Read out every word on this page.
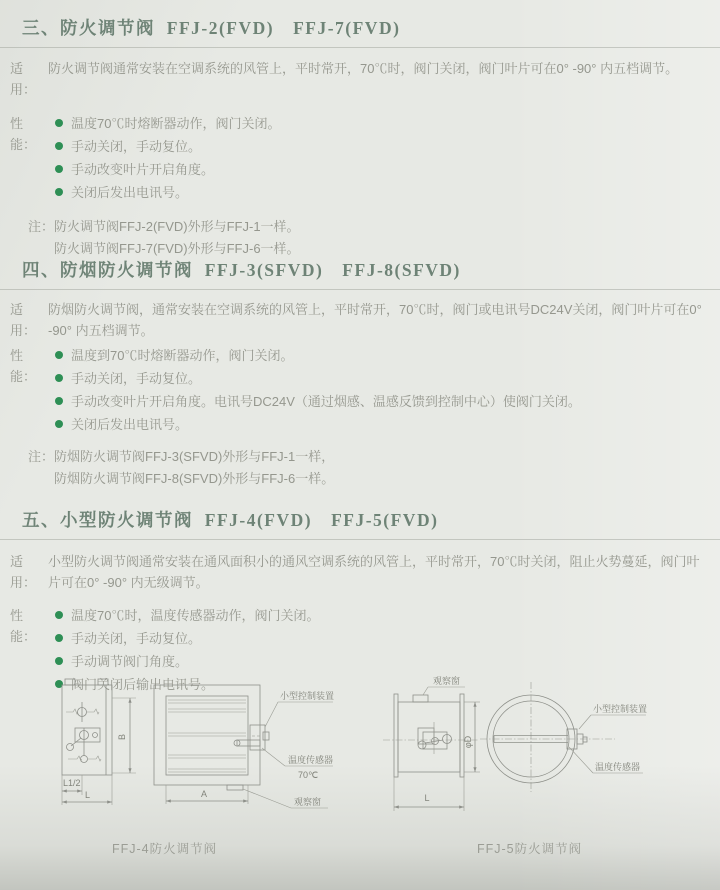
三、防火调节阀  FFJ-2(FVD)　FFJ-7(FVD)
适用：
防火调节阀通常安装在空调系统的风管上，平时常开，70℃时，阀门关闭，阀门叶片可在0° -90° 内五档调节。
性能：
温度70℃时熔断器动作，阀门关闭。
手动关闭，手动复位。
手动改变叶片开启角度。
关闭后发出电讯号。
注： 防火调节阀FFJ-2(FVD)外形与FFJ-1一样。
防火调节阀FFJ-7(FVD)外形与FFJ-6一样。
四、防烟防火调节阀  FFJ-3(SFVD)　FFJ-8(SFVD)
适用：
防烟防火调节阀，通常安装在空调系统的风管上，平时常开，70℃时，阀门或电讯号DC24V关闭，阀门叶片可在0° -90° 内五档调节。
性能：
温度到70℃时熔断器动作，阀门关闭。
手动关闭，手动复位。
手动改变叶片开启角度。电讯号DC24V（通过烟感、温感反馈到控制中心）使阀门关闭。
关闭后发出电讯号。
注： 防烟防火调节阀FFJ-3(SFVD)外形与FFJ-1一样，
防烟防火调节阀FFJ-8(SFVD)外形与FFJ-6一样。
五、小型防火调节阀  FFJ-4(FVD)　FFJ-5(FVD)
适用：
小型防火调节阀通常安装在通风面积小的通风空调系统的风管上，平时常开，70℃时关闭，阻止火势蔓延，阀门叶片可在0° -90° 内无级调节。
性能：
温度70℃时，温度传感器动作，阀门关闭。
手动关闭，手动复位。
手动调节阀门角度。
阀门关闭后输出电讯号。
B
L1/2
L	A
小型控制装置
温度传感器
70℃
观察窗
FFJ-4防火调节阀
观察窗
φD
L
小型控制装置
温度传感器
FFJ-5防火调节阀
